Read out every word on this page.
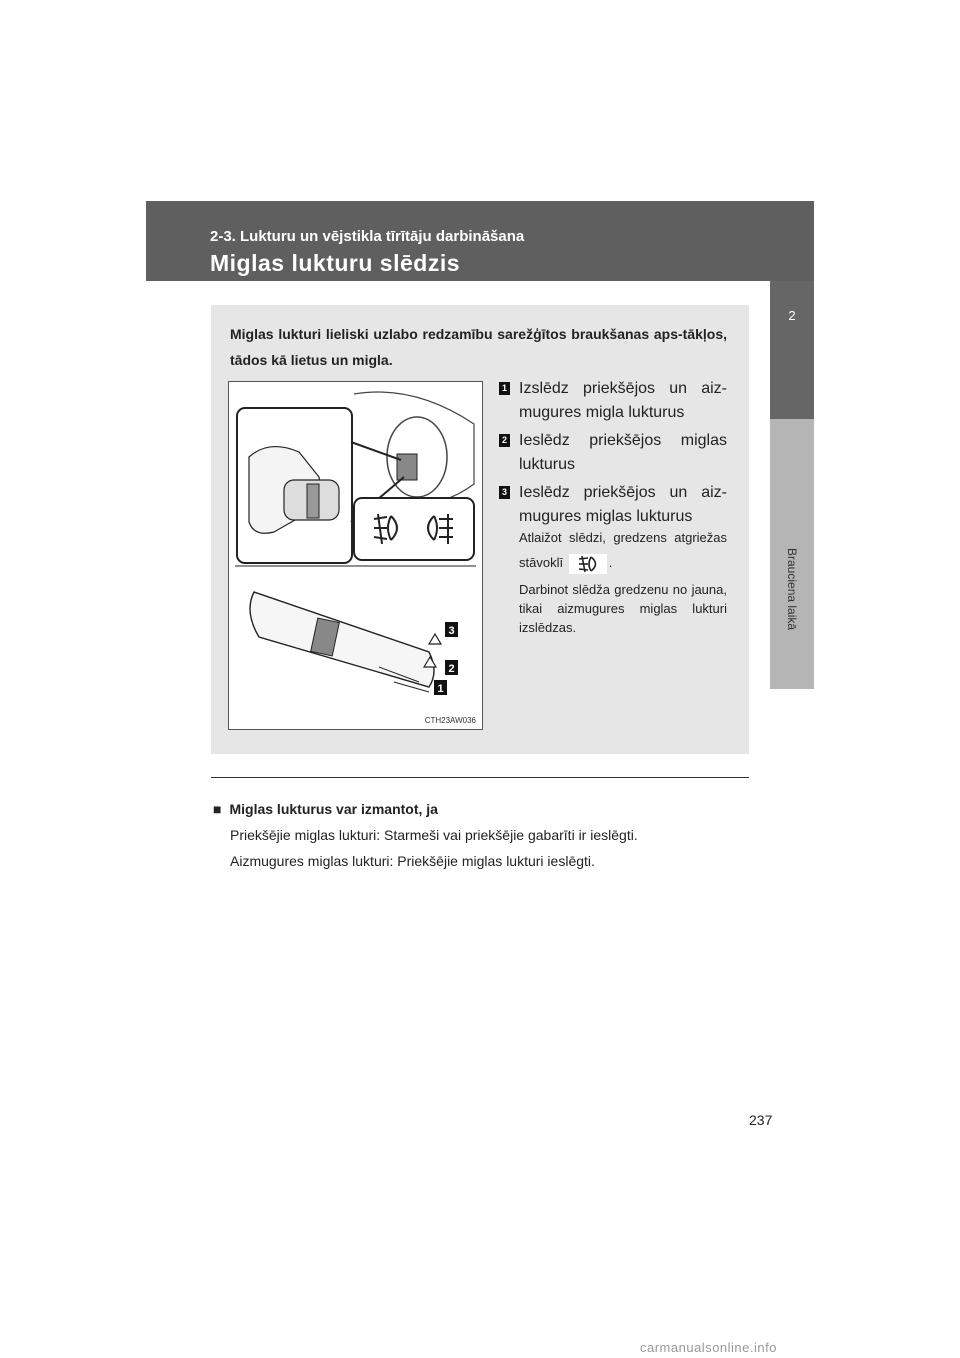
2-3. Lukturu un vējstikla tīrītāju darbināšana
Miglas lukturu slēdzis
2
Brauciena laikā
Miglas lukturi lieliski uzlabo redzamību sarežģītos braukšanas aps-tākļos, tādos kā lietus un migla.
3
2
1
CTH23AW036
1 Izslēdz priekšējos un aiz-mugures migla lukturus
2 Ieslēdz priekšējos miglas lukturus
3 Ieslēdz priekšējos un aiz-mugures miglas lukturus
Atlaižot slēdzi, gredzens atgriežas stāvoklī	.
Darbinot slēdža gredzenu no jauna, tikai aizmugures miglas lukturi izslēdzas.
■ Miglas lukturus var izmantot, ja
Priekšējie miglas lukturi: Starmeši vai priekšējie gabarīti ir ieslēgti.
Aizmugures miglas lukturi: Priekšējie miglas lukturi ieslēgti.
237
carmanualsonline.info
